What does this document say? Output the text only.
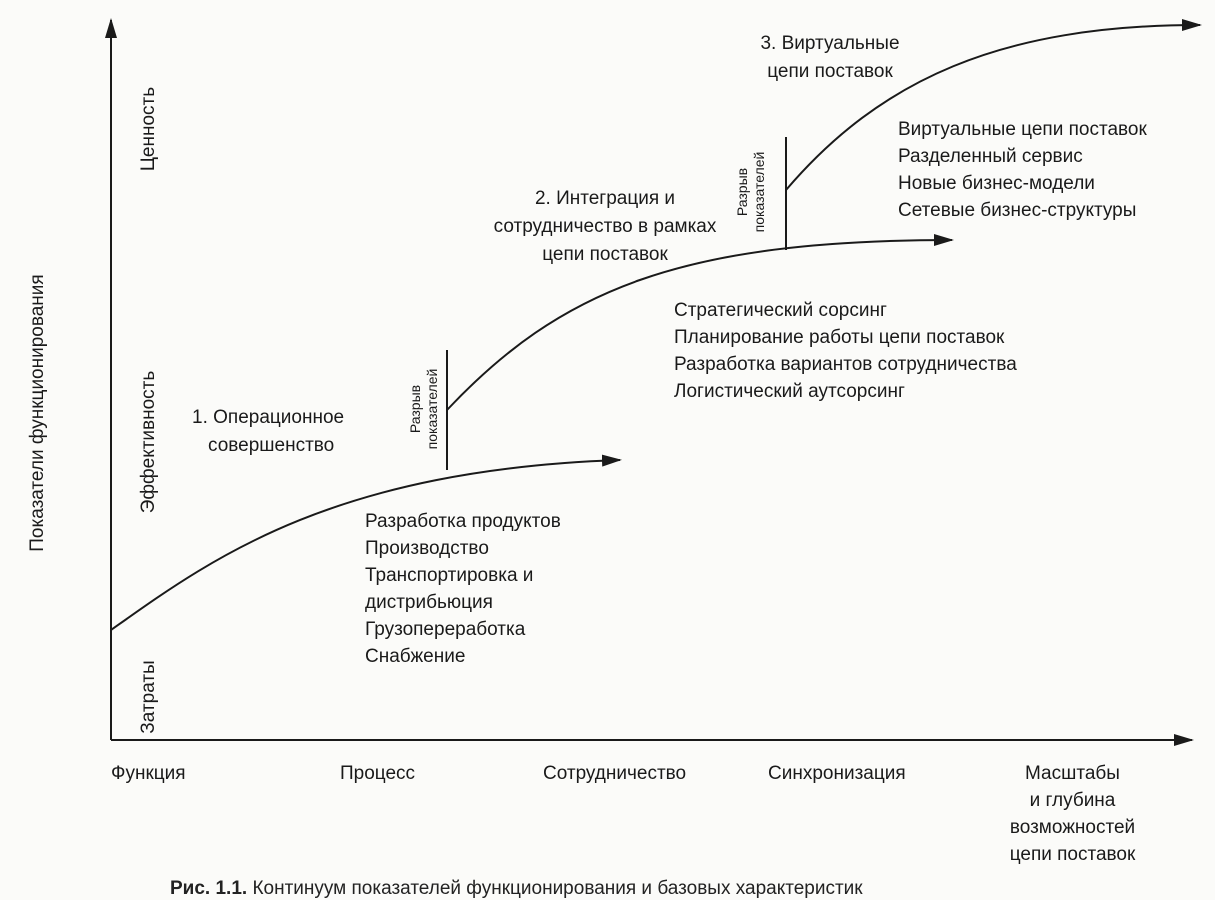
Показатели функционирования
Затраты
Эффективность
Ценность
Функция	Процесс	Сотрудничество	Синхронизация	Масштабы
и глубина
возможностей
цепи поставок
1. Операционное
совершенство
Разработка продуктов
Производство
Транспортировка и
дистрибьюция
Грузопереработка
Снабжение
Разрыв показателей
2. Интеграция и
сотрудничество в рамках
цепи поставок
Стратегический сорсинг
Планирование работы цепи поставок
Разработка вариантов сотрудничества
Логистический аутсорсинг
Разрыв показателей
3. Виртуальные
цепи поставок
Виртуальные цепи поставок
Разделенный сервис
Новые бизнес-модели
Сетевые бизнес-структуры
Рис. 1.1. Континуум показателей функционирования и базовых характеристик
